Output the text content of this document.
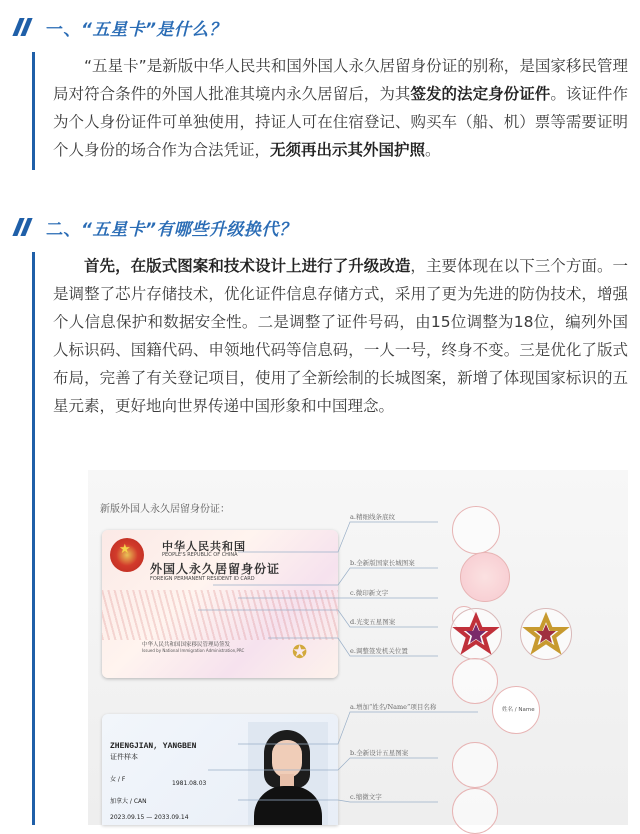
一、“五星卡”是什么？

“五星卡”是新版中华人民共和国外国人永久居留身份证的别称，是国家移民管理局对符合条件的外国人批准其境内永久居留后，为其签发的法定身份证件。该证件作为个人身份证件可单独使用，持证人可在住宿登记、购买车（船、机）票等需要证明个人身份的场合作为合法凭证，无须再出示其外国护照。

二、“五星卡”有哪些升级换代？

首先，在版式图案和技术设计上进行了升级改造，主要体现在以下三个方面。一是调整了芯片存储技术，优化证件信息存储方式，采用了更为先进的防伪技术，增强个人信息保护和数据安全性。二是调整了证件号码，由15位调整为18位，编列外国人标识码、国籍代码、申领地代码等信息码，一人一号，终身不变。三是优化了版式布局，完善了有关登记项目，使用了全新绘制的长城图案，新增了体现国家标识的五星元素，更好地向世界传递中国形象和中国理念。

新版外国人永久居留身份证：
★	中华人民共和国
PEOPLE'S REPUBLIC OF CHINA
外国人永久居留身份证
FOREIGN PERMANENT RESIDENT ID CARD
中华人民共和国国家移民管理局签发
Issued by National Immigration Administration,PRC	✪
ZHENGJIAN, YANGBEN
证件样本
女 / F
1981.08.03
加拿大 / CAN
2023.09.15 — 2033.09.14
a.精细线条底纹
b.全新版国家长城图案
c.微印新文字
d.光变五星图案
e.调整签发机关位置
a.增加“姓名/Name”项目名称
b.全新设计五星图案
c.缩微文字
姓名 / Name
